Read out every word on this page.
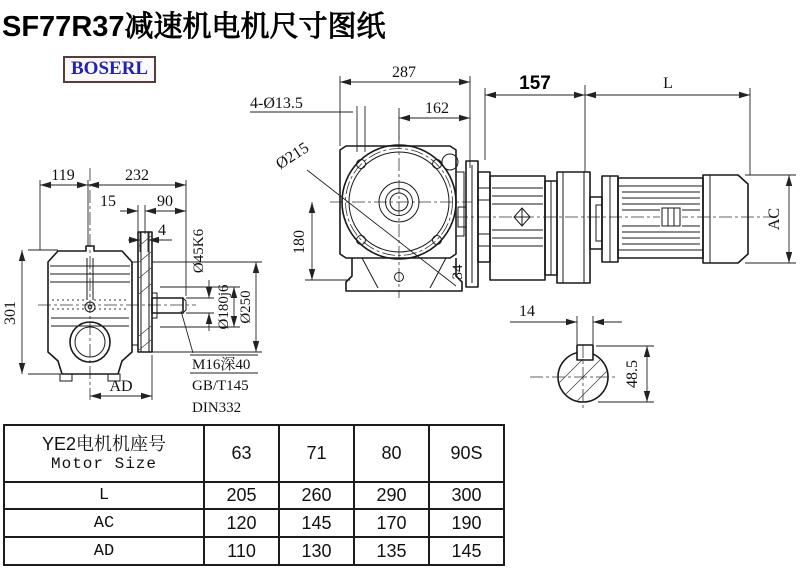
SF77R37减速机电机尺寸图纸
BOSERL
119	232
15	90
4
301
AD
Ø45K6
Ø180j6 Ø250
M16深40
GB/T145
DIN332
287
162
4-Ø13.5
Ø215
180
34
157	L
AC
14
48.5
YE2电机机座号
Motor Size	63	71	80	90S
L	205	260	290	300
AC	120	145	170	190
AD	110	130	135	145
